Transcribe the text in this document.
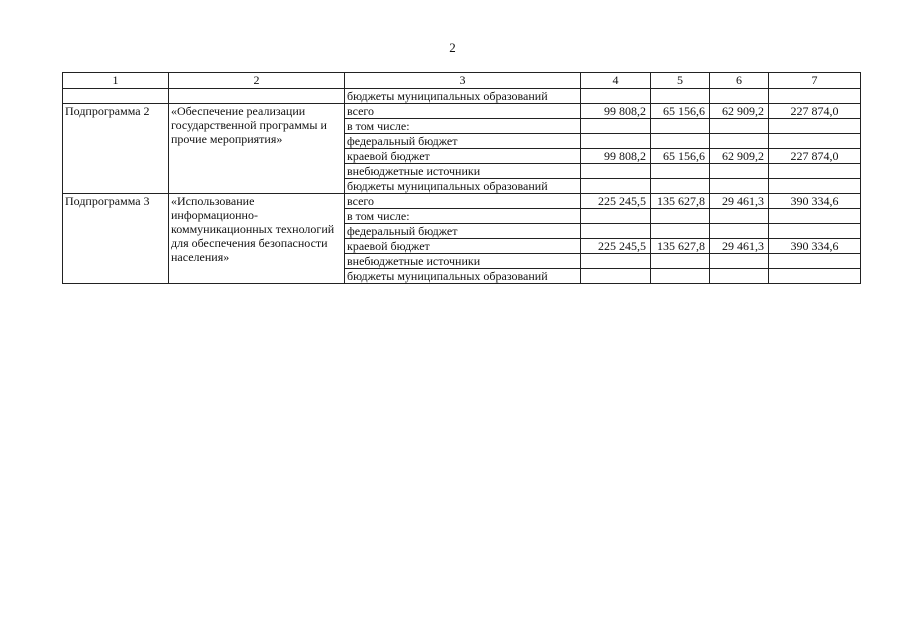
2
1	2	3	4	5	6	7
		бюджеты муниципальных образований				
Подпрограмма 2	«Обеспечение реализации государственной программы и прочие мероприятия»	всего	99 808,2	65 156,6	62 909,2	227 874,0
		в том числе:				
		федеральный бюджет				
		краевой бюджет	99 808,2	65 156,6	62 909,2	227 874,0
		внебюджетные источники				
		бюджеты муниципальных образований				
Подпрограмма 3	«Использование информационно-коммуникационных технологий для обеспечения безопасности населения»	всего	225 245,5	135 627,8	29 461,3	390 334,6
		в том числе:				
		федеральный бюджет				
		краевой бюджет	225 245,5	135 627,8	29 461,3	390 334,6
		внебюджетные источники				
		бюджеты муниципальных образований				
